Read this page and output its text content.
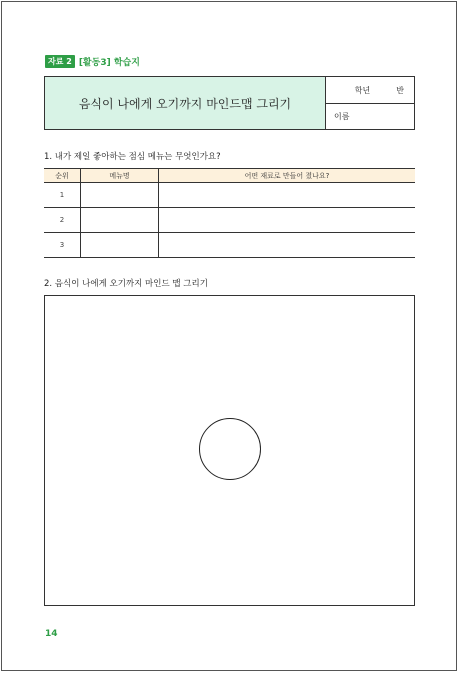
자료 2 [활동3] 학습지
음식이 나에게 오기까지 마인드맵 그리기
학년	반
이름
1. 내가 제일 좋아하는 점심 메뉴는 무엇인가요?
순위	메뉴명	어떤 재료로 만들어 졌나요?
1		
2		
3		
2. 음식이 나에게 오기까지 마인드 맵 그리기
14
